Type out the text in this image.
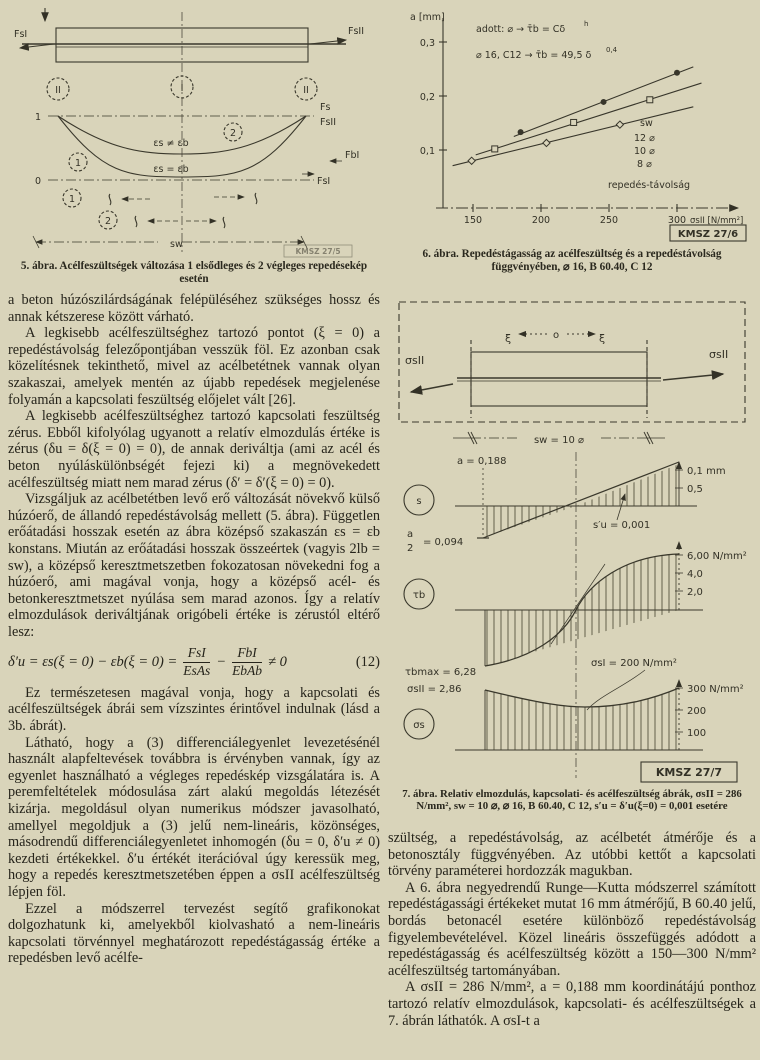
FsI	FsII
II	I	II
1
0
εs ≠ εb
εs = εb
2
1
Fs
FsII
FbI
FsI
1
2
sw
KMSZ 27/5
5. ábra. Acélfeszültségek változása 1 elsődleges és 2 végleges repedésekép esetén
a [mm]
0,3
0,2
0,1
150	200	250	300 σsII [N/mm²]
adott: ⌀ → τ̄b = Cδ	h
⌀ 16, C12 → τ̄b = 49,5 δ 0,4
sw
12 ⌀
10 ⌀
8 ⌀
repedés-távolság
KMSZ 27/6
6. ábra. Repedéstágasság az acélfeszültség és a repedéstávolság függvényében, ⌀ 16, B 60.40, C 12
σsII	σsII
ξ	ξ
o
sw = 10 ⌀
s
a = 0,188
a
2
= 0,094
s′u = 0,001
0,1 mm
0,5
τb	2,0
4,0
6,00 N/mm²
τbmax = 6,28
σsII = 2,86
σsI = 200 N/mm²
σs
300 N/mm²
200
100
KMSZ 27/7
7. ábra. Relativ elmozdulás, kapcsolati- és acélfeszültség ábrák, σsII = 286 N/mm², sw = 10 ⌀, ⌀ 16, B 60.40, C 12, s′u = δ′u(ξ=0) = 0,001 esetére

a beton húzószilárdságának felépüléséhez szükséges hossz és annak kétszerese között várható.

A legkisebb acélfeszültséghez tartozó pontot (ξ = 0) a repedéstávolság felezőpontjában vesszük föl. Ez azonban csak közelítésnek tekinthető, mivel az acélbetétnek vannak olyan szakaszai, amelyek mentén az újabb repedések megjelenése folyamán a kapcsolati feszültség előjelet vált [26].

A legkisebb acélfeszültséghez tartozó kapcsolati feszültség zérus. Ebből kifolyólag ugyanott a relatív elmozdulás értéke is zérus (δu = δ(ξ = 0) = 0), de annak deriváltja (ami az acél és beton nyúláskülönbségét fejezi ki) a megnövekedett acélfeszültség miatt nem marad zérus (δ′ = δ′(ξ = 0) = 0).

Vizsgáljuk az acélbetétben levő erő változását növekvő külső húzóerő, de állandó repedéstávolság mellett (5. ábra). Független erőátadási hosszak esetén az ábra középső szakaszán εs = εb konstans. Miután az erőátadási hosszak összeértek (vagyis 2lb = sw), a középső keresztmetszetben fokozatosan növekedni fog a húzóerő, ami magával vonja, hogy a középső acél- és betonkeresztmetszet nyúlása sem marad azonos. Így a relatív elmozdulások deriváltjának origóbeli értéke is zérustól eltérő lesz:

$\delta'u = \varepsilon s(\xi = 0) - \varepsilon b(\xi = 0) = \frac{\text{FsI}}{\text{EsAs}} - \frac{\text{FbI}}{\text{EbAb}} \ne 0$	(12)

Ez természetesen magával vonja, hogy a kapcsolati és acélfeszültségek ábrái sem vízszintes érintővel indulnak (lásd a 3b. ábrát).

Látható, hogy a (3) differenciálegyenlet levezetésénél használt alapfeltevések továbbra is érvényben vannak, így az egyenlet használható a végleges repedéskép vizsgálatára is. A peremfeltételek módosulása zárt alakú megoldás létezését kizárja. megoldásul olyan numerikus módszer javasolható, amellyel megoldjuk a (3) jelű nem-lineáris, közönséges, másodrendű differenciálegyenletet inhomogén (δu = 0, δ′u ≠ 0) kezdeti értékekkel. δ′u értékét iterációval úgy keressük meg, hogy a repedés keresztmetszetében éppen a σsII acélfeszültség lépjen föl.

Ezzel a módszerrel tervezést segítő grafikonokat dolgozhatunk ki, amelyekből kiolvasható a nem-lineáris kapcsolati törvénnyel meghatározott repedéstágasság értéke a repedésben levő acélfe-

szültség, a repedéstávolság, az acélbetét átmérője és a betonosztály függvényében. Az utóbbi kettőt a kapcsolati törvény paraméterei hordozzák magukban.

A 6. ábra negyedrendű Runge—Kutta módszerrel számított repedéstágassági értékeket mutat 16 mm átmérőjű, B 60.40 jelű, bordás betonacél esetére különböző repedéstávolság figyelembevételével. Közel lineáris összefüggés adódott a repedéstágasság és acélfeszültség között a 150—300 N/mm² acélfeszültség tartományában.

A σsII = 286 N/mm², a = 0,188 mm koordinátájú ponthoz tartozó relatív elmozdulások, kapcsolati- és acélfeszültségek a 7. ábrán láthatók. A σsI-t a
